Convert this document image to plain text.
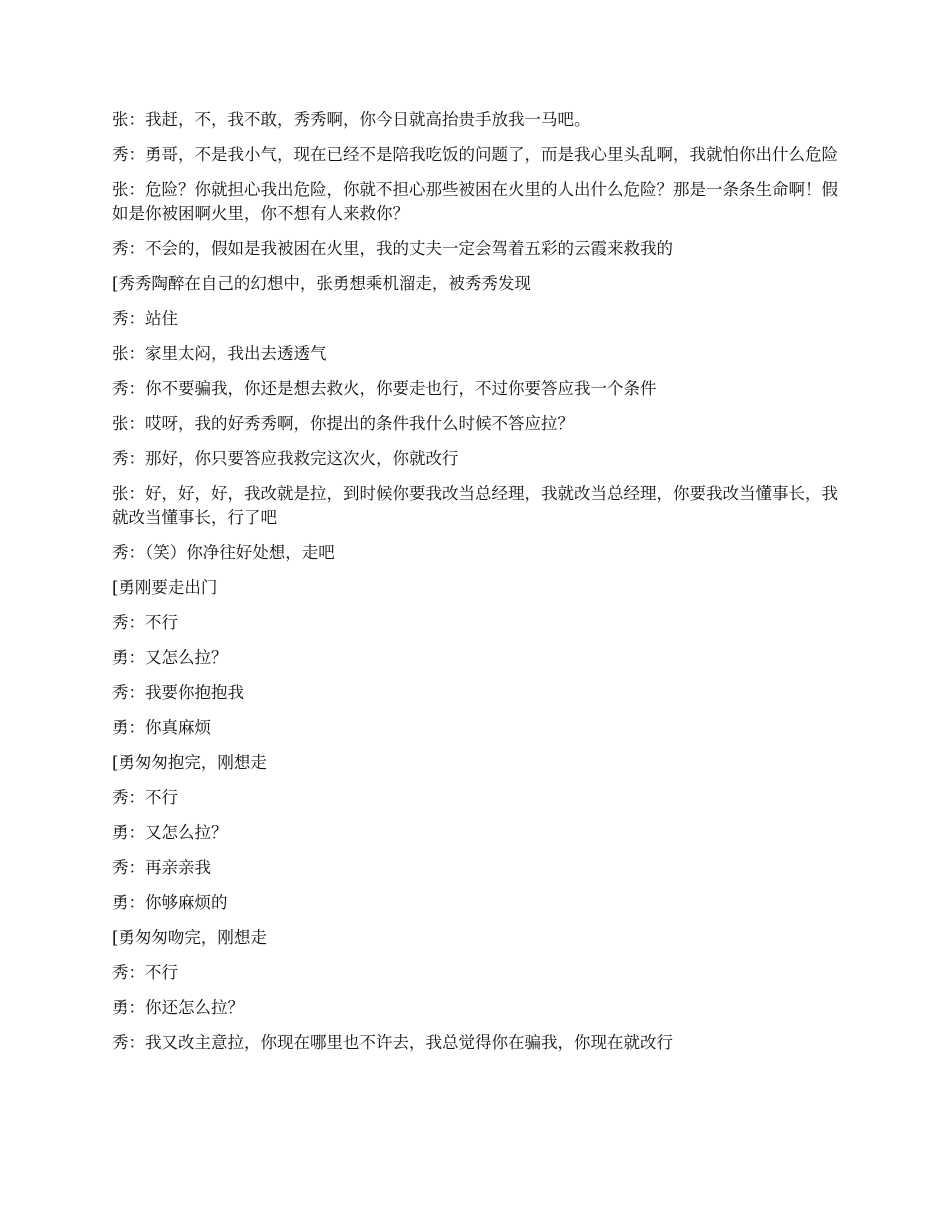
张：我赶，不，我不敢，秀秀啊，你今日就高抬贵手放我一马吧。

秀：勇哥，不是我小气，现在已经不是陪我吃饭的问题了，而是我心里头乱啊，我就怕你出什么危险

张：危险？你就担心我出危险，你就不担心那些被困在火里的人出什么危险？那是一条条生命啊！假如是你被困啊火里，你不想有人来救你？

秀：不会的，假如是我被困在火里，我的丈夫一定会驾着五彩的云霞来救我的

[秀秀陶醉在自己的幻想中，张勇想乘机溜走，被秀秀发现

秀：站住

张：家里太闷，我出去透透气

秀：你不要骗我，你还是想去救火，你要走也行，不过你要答应我一个条件

张：哎呀，我的好秀秀啊，你提出的条件我什么时候不答应拉？

秀：那好，你只要答应我救完这次火，你就改行

张：好，好，好，我改就是拉，到时候你要我改当总经理，我就改当总经理，你要我改当懂事长，我就改当懂事长，行了吧

秀：（笑）你净往好处想，走吧

[勇刚要走出门

秀：不行

勇：又怎么拉？

秀：我要你抱抱我

勇：你真麻烦

[勇匆匆抱完，刚想走

秀：不行

勇：又怎么拉？

秀：再亲亲我

勇：你够麻烦的

[勇匆匆吻完，刚想走

秀：不行

勇：你还怎么拉？

秀：我又改主意拉，你现在哪里也不许去，我总觉得你在骗我，你现在就改行
